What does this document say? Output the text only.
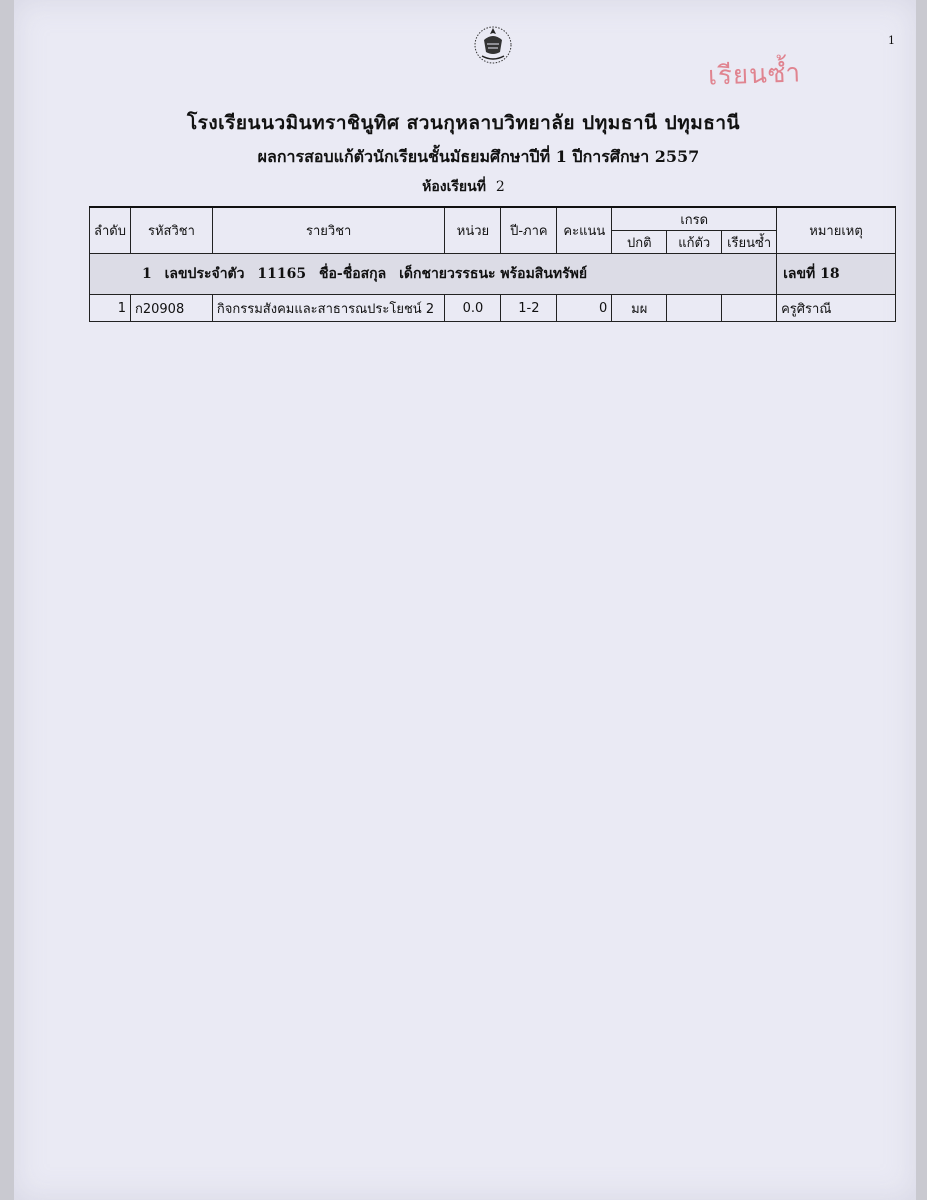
1
เรียนซ้ำ
โรงเรียนนวมินทราชินูทิศ สวนกุหลาบวิทยาลัย ปทุมธานี ปทุมธานี
ผลการสอบแก้ตัวนักเรียนชั้นมัธยมศึกษาปีที่ 1 ปีการศึกษา 2557
ห้องเรียนที่ 2
ลำดับ	รหัสวิชา	รายวิชา	หน่วย	ปี-ภาค	คะแนน	เกรด			หมายเหตุ
						ปกติ	แก้ตัว	เรียนซ้ำ	
1 เลขประจำตัว 11165 ชื่อ-ชื่อสกุล เด็กชายวรรธนะ พร้อมสินทรัพย์									เลขที่ 18
1	ก20908	กิจกรรมสังคมและสาธารณประโยชน์ 2	0.0	1-2	0	มผ			ครูศิราณี
